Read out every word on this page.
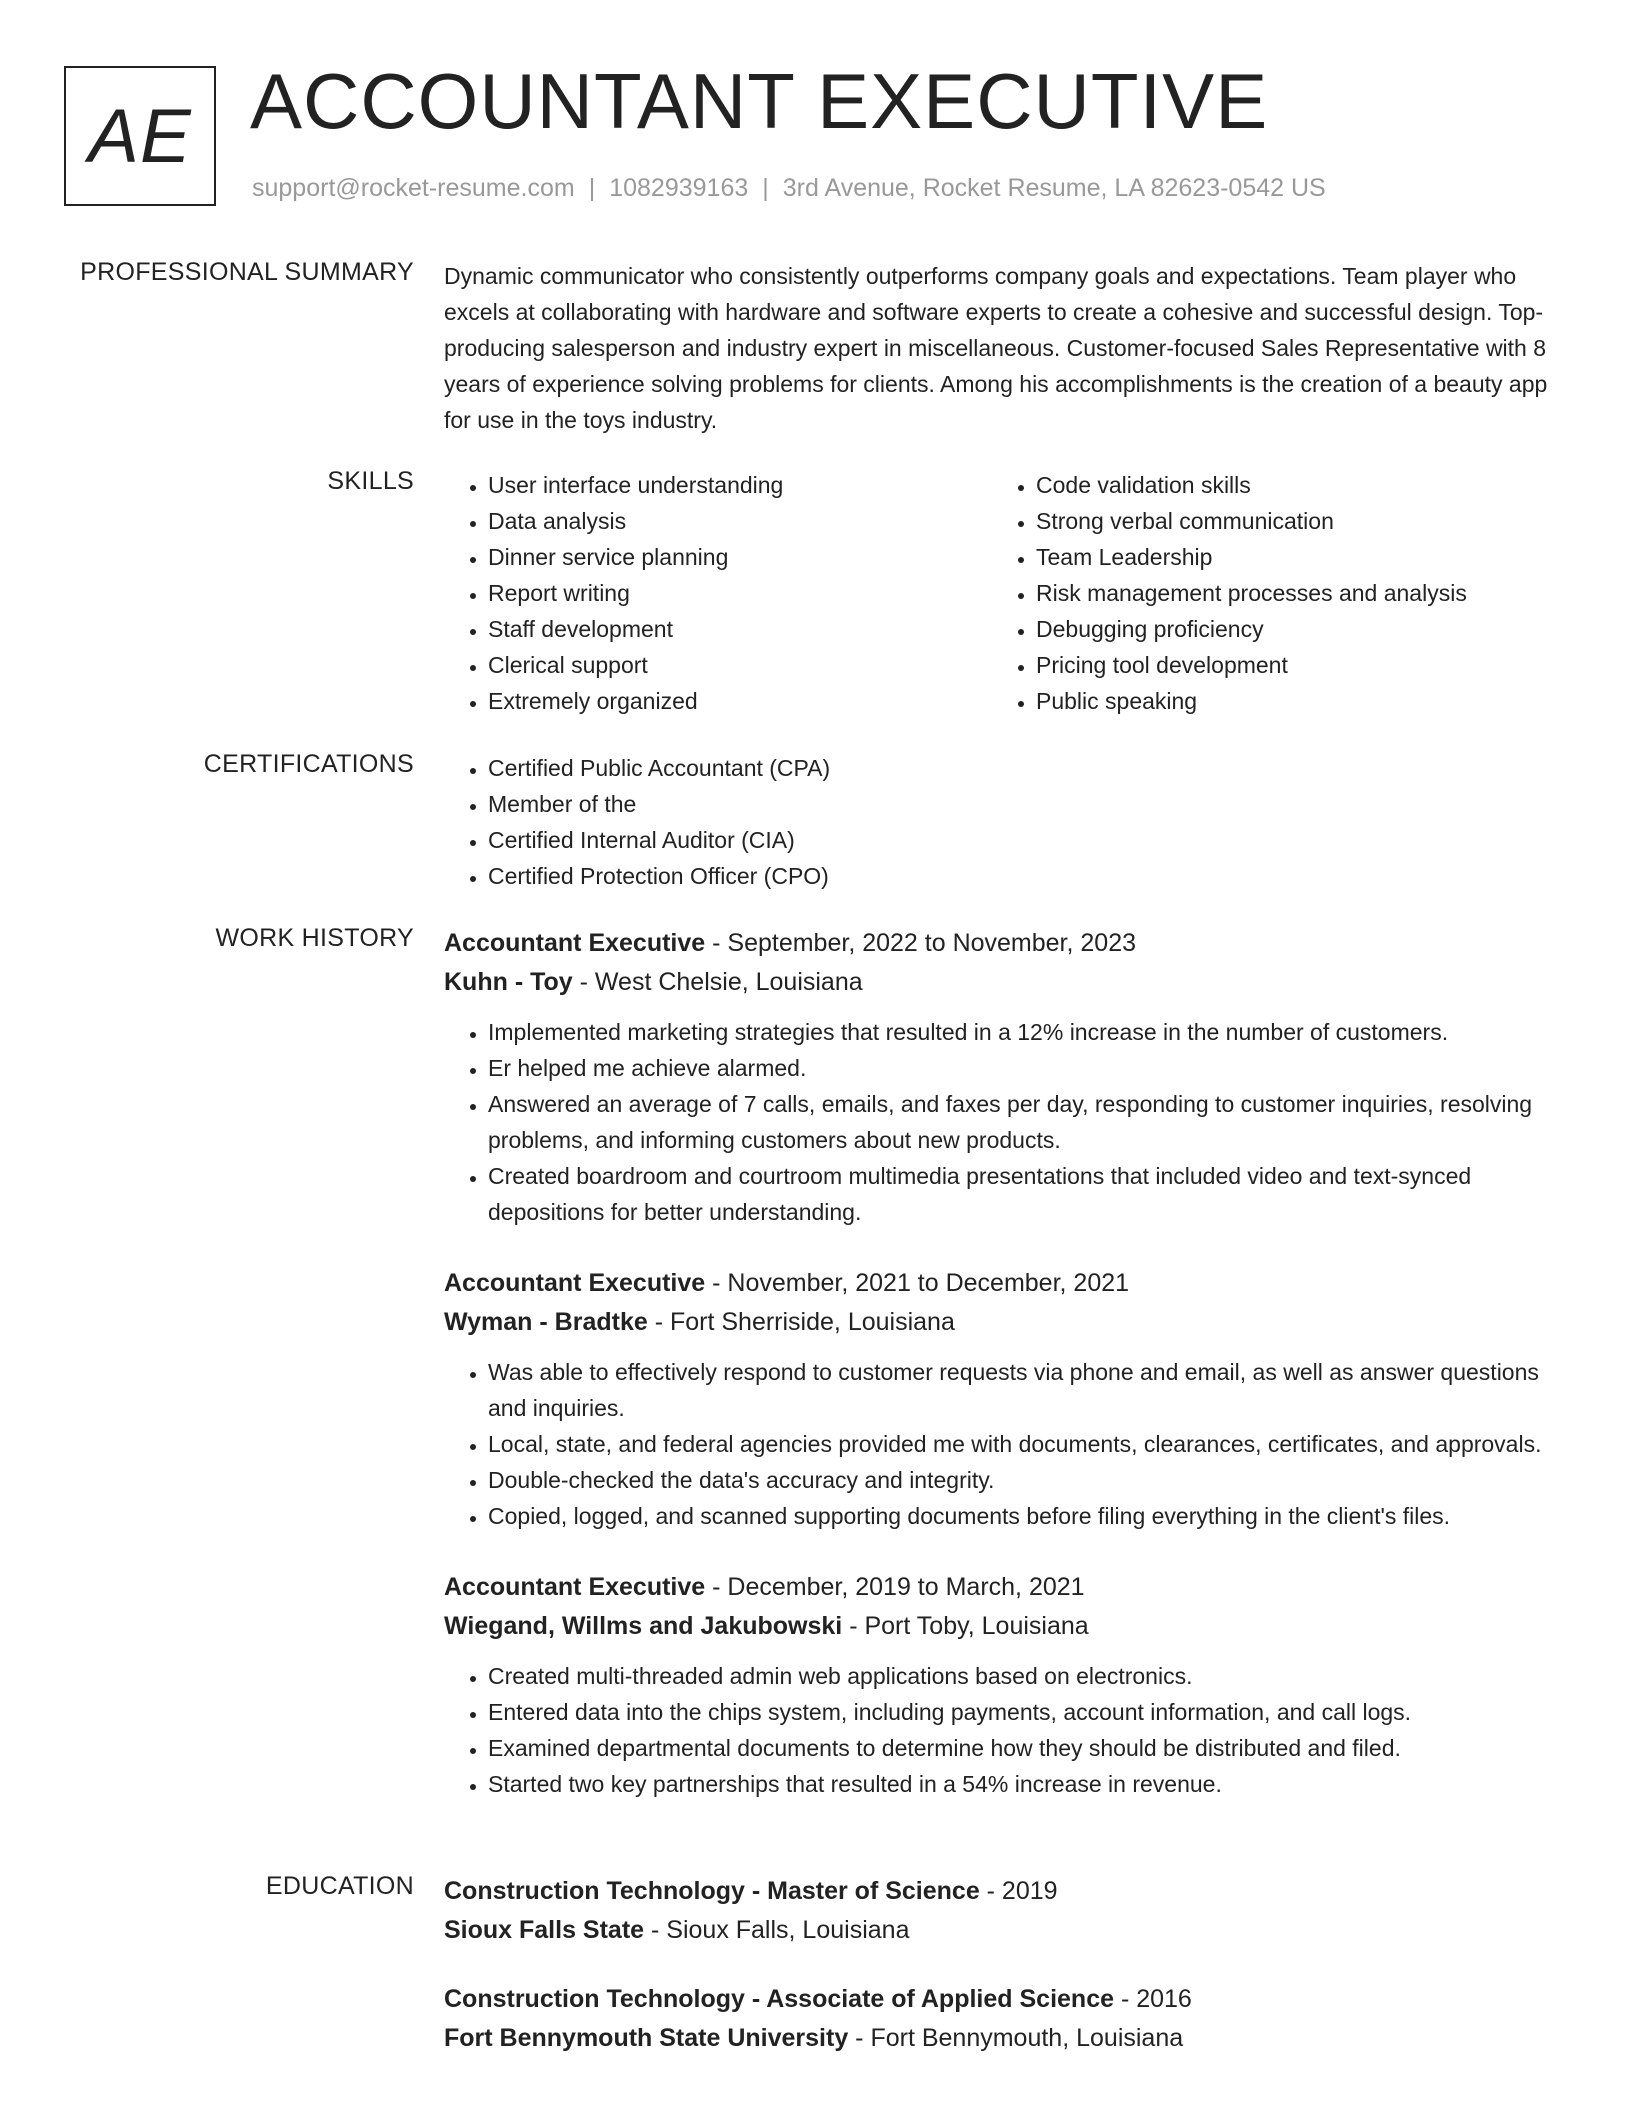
AE ACCOUNTANT EXECUTIVE
support@rocket-resume.com | 1082939163 | 3rd Avenue, Rocket Resume, LA 82623-0542 US
PROFESSIONAL SUMMARY Dynamic communicator who consistently outperforms company goals and expectations. Team player who excels at collaborating with hardware and software experts to create a cohesive and successful design. Top-producing salesperson and industry expert in miscellaneous. Customer-focused Sales Representative with 8 years of experience solving problems for clients. Among his accomplishments is the creation of a beauty app for use in the toys industry.

SKILLS	• User interface understanding
• Data analysis
• Dinner service planning
• Report writing
• Staff development
• Clerical support
• Extremely organized
• Code validation skills
• Strong verbal communication
• Team Leadership
• Risk management processes and analysis
• Debugging proficiency
• Pricing tool development
• Public speaking
CERTIFICATIONS	• Certified Public Accountant (CPA)
• Member of the
• Certified Internal Auditor (CIA)
• Certified Protection Officer (CPO)
WORK HISTORY Accountant Executive - September, 2022 to November, 2023
Kuhn - Toy - West Chelsie, Louisiana
• Implemented marketing strategies that resulted in a 12% increase in the number of customers.
• Er helped me achieve alarmed.
• Answered an average of 7 calls, emails, and faxes per day, responding to customer inquiries, resolving problems, and informing customers about new products.
• Created boardroom and courtroom multimedia presentations that included video and text-synced depositions for better understanding.
Accountant Executive - November, 2021 to December, 2021
Wyman - Bradtke - Fort Sherriside, Louisiana
• Was able to effectively respond to customer requests via phone and email, as well as answer questions and inquiries.
• Local, state, and federal agencies provided me with documents, clearances, certificates, and approvals.
• Double-checked the data's accuracy and integrity.
• Copied, logged, and scanned supporting documents before filing everything in the client's files.
Accountant Executive - December, 2019 to March, 2021
Wiegand, Willms and Jakubowski - Port Toby, Louisiana
• Created multi-threaded admin web applications based on electronics.
• Entered data into the chips system, including payments, account information, and call logs.
• Examined departmental documents to determine how they should be distributed and filed.
• Started two key partnerships that resulted in a 54% increase in revenue.
EDUCATION Construction Technology - Master of Science - 2019
Sioux Falls State - Sioux Falls, Louisiana
Construction Technology - Associate of Applied Science - 2016
Fort Bennymouth State University - Fort Bennymouth, Louisiana
